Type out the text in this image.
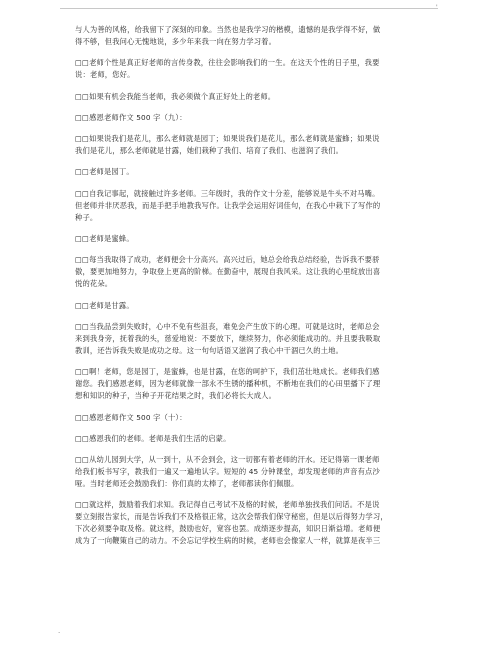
'

与人为善的风格，给我留下了深刻的印象。当然也是我学习的楷模，遗憾的是我学得不好，做
得不够，但我问心无愧地说，多少年来我一向在努力学习着。

□□老师个性是真正好老师的言传身教，往往会影响我们的一生。在这天个性的日子里，我要
说：老师，您好。

□□如果有机会我能当老师，我必须做个真正好处上的老师。

□□感恩老师作文 500 字（九）：

□□如果说我们是花儿，那么老师就是园丁；如果说我们是花儿，那么老师就是蜜蜂；如果说
我们是花儿，那么老师就是甘露，她们栽种了我们、培育了我们、也滋润了我们。

□□老师是园丁。

□□自我记事起，就接触过许多老师。三年级时，我的作文十分差，能够说是牛头不对马嘴。
但老师并非厌恶我，而是手把手地教我写作。让我学会运用好词佳句，在我心中栽下了写作的
种子。

□□老师是蜜蜂。

□□每当我取得了成功，老师便会十分高兴。高兴过后，她总会给我总结经验，告诉我不要骄
傲，要更加地努力，争取登上更高的阶梯。在勤奋中，展现自我风采。这让我的心里绽放出喜
悦的花朵。

□□老师是甘露。

□□当我品尝到失败时，心中不免有些沮丧，难免会产生放下的心理。可就是这时，老师总会
来到我身旁，抚着我的头，慈爱地说：不要放下，继续努力，你必须能成功的。并且要我吸取
教训，还告诉我失败是成功之母。这一句句话语又滋润了我心中干涸已久的土地。

□□啊！老师，您是园丁，是蜜蜂，也是甘露，在您的呵护下，我们茁壮地成长。老师我们感
谢您。我们感恩老师，因为老师就像一部永不生锈的播种机，不断地在我们的心田里播下了理
想和知识的种子，当种子开花结果之时，我们必将长大成人。

□□感恩老师作文 500 字（十）：

□□感恩我们的老师。老师是我们生活的启蒙。

□□从幼儿园到大学，从一到十，从不会到会，这一切都有着老师的汗水。还记得第一课老师
给我们板书写字，教我们一遍又一遍地认字。短短的 45 分钟课堂，却发现老师的声音有点沙
哑。当时老师还会鼓励我们：你们真的太棒了，老师都读你们佩服。

□□就这样，鼓励着我们求知。我记得自己考试不及格的时候，老师单独找我们问话。不是说
要立刻报告家长，而是告诉我们不及格很正常，这次会帮我们保守秘密，但是以后得努力学习，
下次必须要争取及格。就这样，鼓励也好，宽容也罢。成绩逐步提高，知识日渐益增。老师便
成为了一向鞭策自己的动力。不会忘记学校生病的时候，老师也会像家人一样，就算是夜半三

.
